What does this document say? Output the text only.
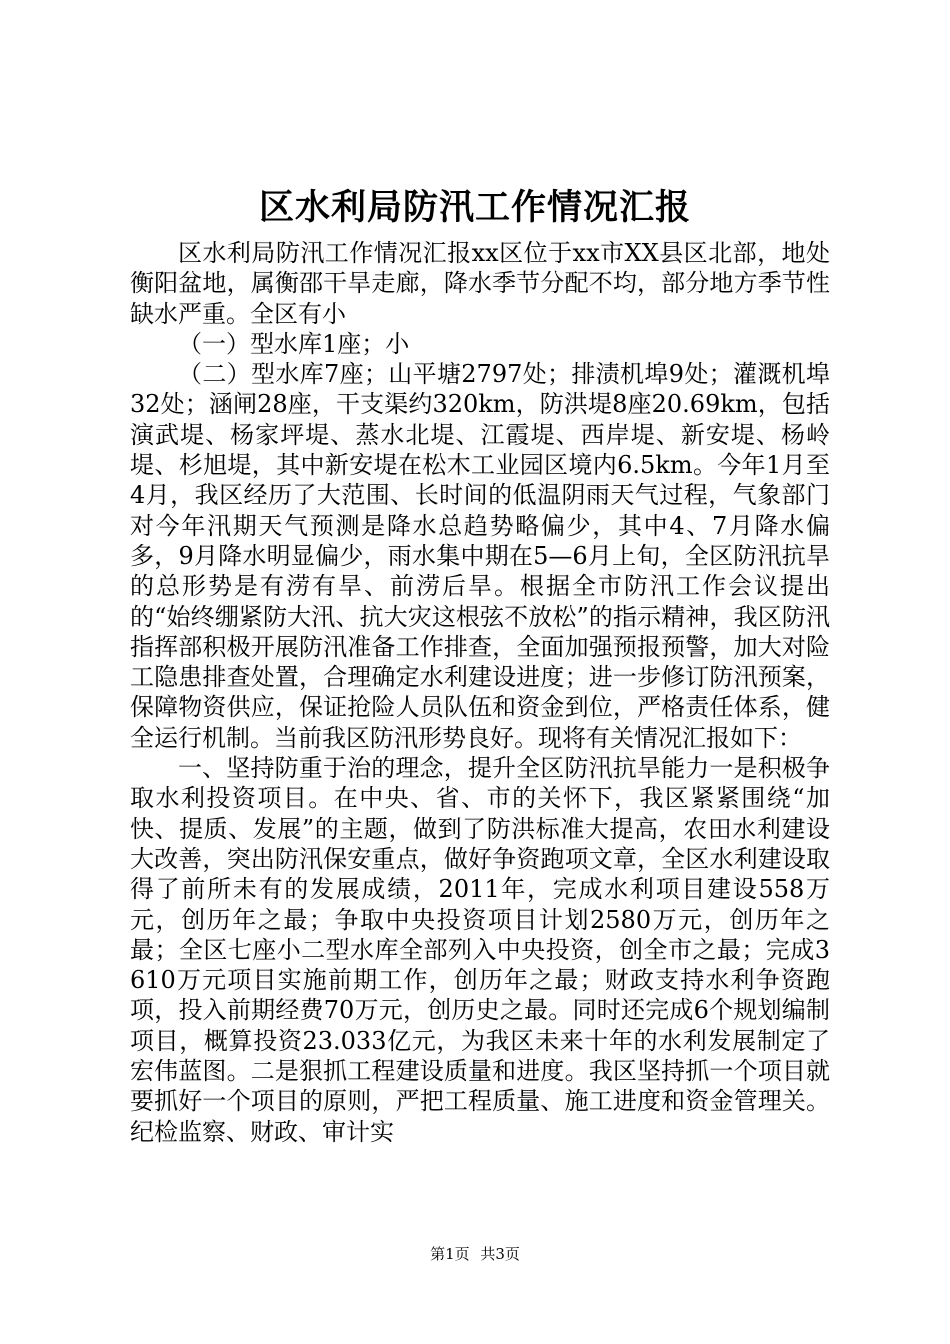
区水利局防汛工作情况汇报

区水利局防汛工作情况汇报xx区位于xx市XX县区北部，地处衡阳盆地，属衡邵干旱走廊，降水季节分配不均，部分地方季节性缺水严重。全区有小

（一）型水库1座；小

（二）型水库7座；山平塘2797处；排渍机埠9处；灌溉机埠32处；涵闸28座，干支渠约320km，防洪堤8座20.69km，包括演武堤、杨家坪堤、蒸水北堤、江霞堤、西岸堤、新安堤、杨岭堤、杉旭堤，其中新安堤在松木工业园区境内6.5km。今年1月至4月，我区经历了大范围、长时间的低温阴雨天气过程，气象部门对今年汛期天气预测是降水总趋势略偏少，其中4、7月降水偏多，9月降水明显偏少，雨水集中期在5—6月上旬，全区防汛抗旱的总形势是有涝有旱、前涝后旱。根据全市防汛工作会议提出的“始终绷紧防大汛、抗大灾这根弦不放松”的指示精神，我区防汛指挥部积极开展防汛准备工作排查，全面加强预报预警，加大对险工隐患排查处置，合理确定水利建设进度；进一步修订防汛预案，保障物资供应，保证抢险人员队伍和资金到位，严格责任体系，健全运行机制。当前我区防汛形势良好。现将有关情况汇报如下：

一、坚持防重于治的理念，提升全区防汛抗旱能力一是积极争取水利投资项目。在中央、省、市的关怀下，我区紧紧围绕“加快、提质、发展”的主题，做到了防洪标准大提高，农田水利建设大改善，突出防汛保安重点，做好争资跑项文章，全区水利建设取得了前所未有的发展成绩，2011年，完成水利项目建设558万元，创历年之最；争取中央投资项目计划2580万元，创历年之最；全区七座小二型水库全部列入中央投资，创全市之最；完成3610万元项目实施前期工作，创历年之最；财政支持水利争资跑项，投入前期经费70万元，创历史之最。同时还完成6个规划编制项目，概算投资23.033亿元，为我区未来十年的水利发展制定了宏伟蓝图。二是狠抓工程建设质量和进度。我区坚持抓一个项目就要抓好一个项目的原则，严把工程质量、施工进度和资金管理关。纪检监察、财政、审计实

第1页 共3页
